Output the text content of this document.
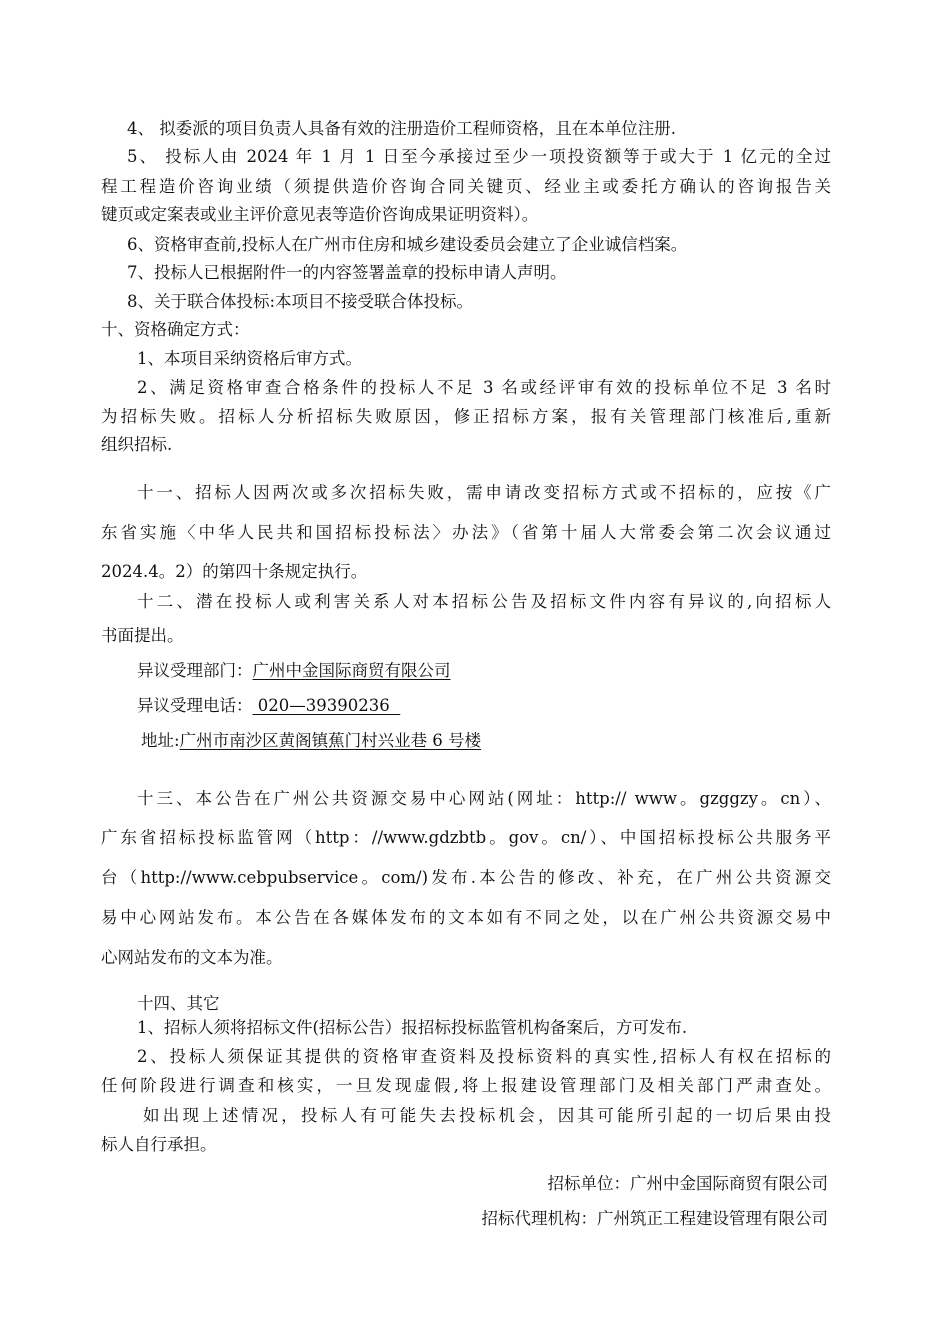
4、 拟委派的项目负责人具备有效的注册造价工程师资格，且在本单位注册.
5、 投标人由 2024 年 1 月 1 日至今承接过至少一项投资额等于或大于 1 亿元的全过
程工程造价咨询业绩（须提供造价咨询合同关键页、经业主或委托方确认的咨询报告关
键页或定案表或业主评价意见表等造价咨询成果证明资料）。
6、资格审查前,投标人在广州市住房和城乡建设委员会建立了企业诚信档案。
7、投标人已根据附件一的内容签署盖章的投标申请人声明。
8、关于联合体投标:本项目不接受联合体投标。
十、资格确定方式：
1、本项目采纳资格后审方式。
2、满足资格审查合格条件的投标人不足 3 名或经评审有效的投标单位不足 3 名时
为招标失败。招标人分析招标失败原因，修正招标方案，报有关管理部门核准后,重新
组织招标.
十一、招标人因两次或多次招标失败，需申请改变招标方式或不招标的，应按《广
东省实施〈中华人民共和国招标投标法〉办法》（省第十届人大常委会第二次会议通过
2024.4。2）的第四十条规定执行。
十二、潜在投标人或利害关系人对本招标公告及招标文件内容有异议的,向招标人
书面提出。
异议受理部门：广州中金国际商贸有限公司
异议受理电话： 020—39390236
地址:广州市南沙区黄阁镇蕉门村兴业巷 6 号楼
十三、本公告在广州公共资源交易中心网站(网址：http:// www。gzggzy。cn）、
广东省招标投标监管网（http：//www.gdzbtb。gov。cn/）、中国招标投标公共服务平
台（http://www.cebpubservice。com/)发布.本公告的修改、补充，在广州公共资源交
易中心网站发布。本公告在各媒体发布的文本如有不同之处，以在广州公共资源交易中
心网站发布的文本为准。
十四、其它
1、招标人须将招标文件(招标公告）报招标投标监管机构备案后，方可发布.
2、投标人须保证其提供的资格审查资料及投标资料的真实性,招标人有权在招标的
任何阶段进行调查和核实，一旦发现虚假,将上报建设管理部门及相关部门严肃查处。
如出现上述情况，投标人有可能失去投标机会，因其可能所引起的一切后果由投
标人自行承担。
招标单位：广州中金国际商贸有限公司
招标代理机构：广州筑正工程建设管理有限公司
